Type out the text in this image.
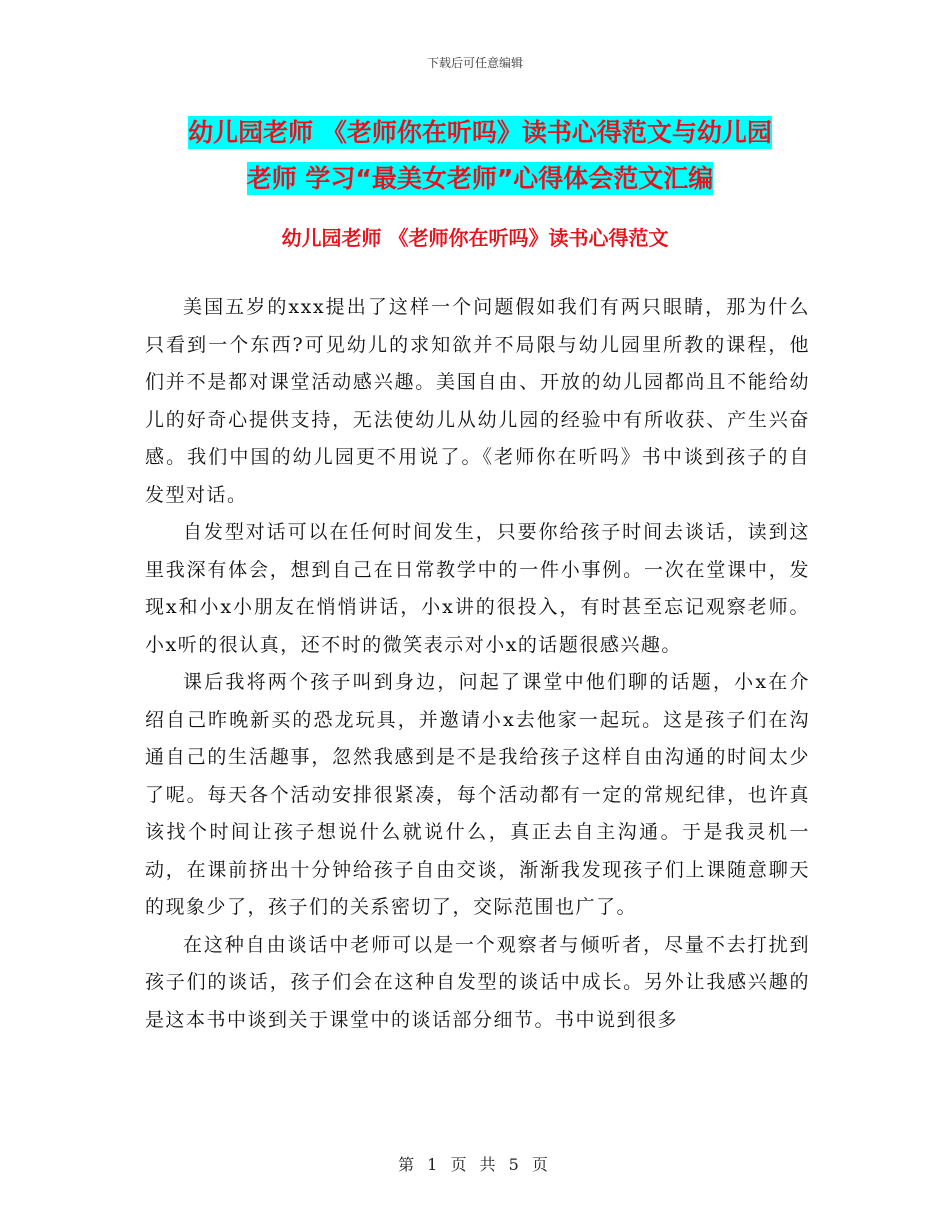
下载后可任意编辑
幼儿园老师 《老师你在听吗》读书心得范文与幼儿园
老师 学习“最美女老师”心得体会范文汇编
幼儿园老师 《老师你在听吗》读书心得范文

美国五岁的xxx提出了这样一个问题假如我们有两只眼睛，那为什么只看到一个东西?可见幼儿的求知欲并不局限与幼儿园里所教的课程，他们并不是都对课堂活动感兴趣。美国自由、开放的幼儿园都尚且不能给幼儿的好奇心提供支持，无法使幼儿从幼儿园的经验中有所收获、产生兴奋感。我们中国的幼儿园更不用说了。《老师你在听吗》书中谈到孩子的自发型对话。

自发型对话可以在任何时间发生，只要你给孩子时间去谈话，读到这里我深有体会，想到自己在日常教学中的一件小事例。一次在堂课中，发现x和小x小朋友在悄悄讲话，小x讲的很投入，有时甚至忘记观察老师。小x听的很认真，还不时的微笑表示对小x的话题很感兴趣。

课后我将两个孩子叫到身边，问起了课堂中他们聊的话题，小x在介绍自己昨晚新买的恐龙玩具，并邀请小x去他家一起玩。这是孩子们在沟通自己的生活趣事，忽然我感到是不是我给孩子这样自由沟通的时间太少了呢。每天各个活动安排很紧凑，每个活动都有一定的常规纪律，也许真该找个时间让孩子想说什么就说什么，真正去自主沟通。于是我灵机一动，在课前挤出十分钟给孩子自由交谈，渐渐我发现孩子们上课随意聊天的现象少了，孩子们的关系密切了，交际范围也广了。

在这种自由谈话中老师可以是一个观察者与倾听者，尽量不去打扰到孩子们的谈话，孩子们会在这种自发型的谈话中成长。另外让我感兴趣的是这本书中谈到关于课堂中的谈话部分细节。书中说到很多

第 1 页 共 5 页
